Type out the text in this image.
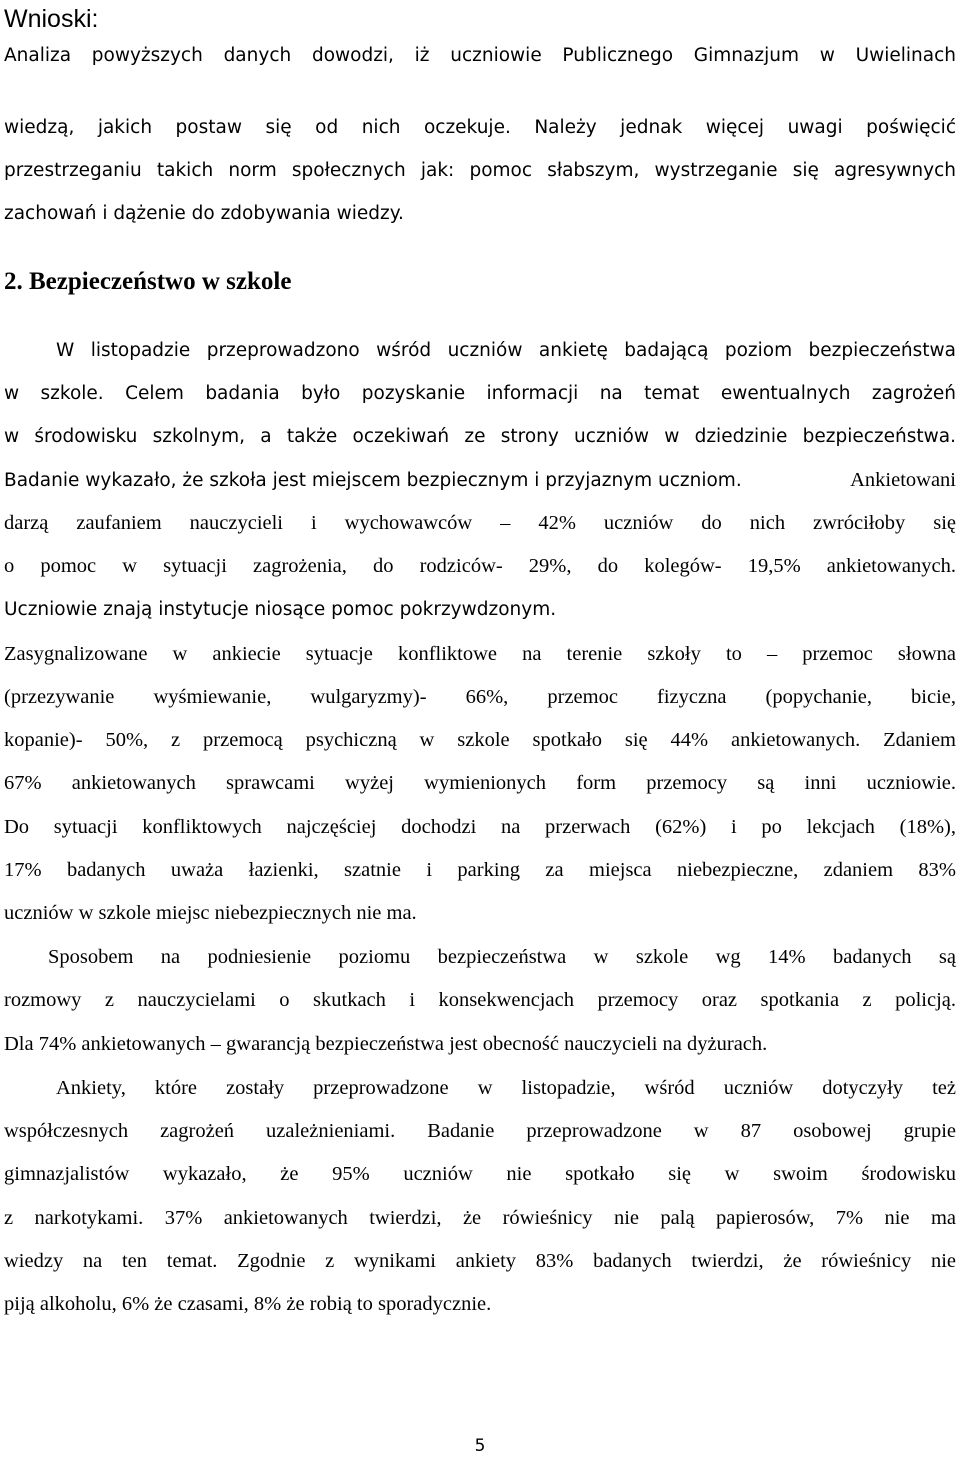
Wnioski:
Analiza powyższych danych dowodzi, iż uczniowie Publicznego Gimnazjum w Uwielinach
wiedzą, jakich postaw się od nich oczekuje. Należy jednak więcej uwagi poświęcić
przestrzeganiu takich norm społecznych jak: pomoc słabszym, wystrzeganie się agresywnych
zachowań i dążenie do zdobywania wiedzy.
2. Bezpieczeństwo w szkole
W listopadzie przeprowadzono wśród uczniów ankietę badającą poziom bezpieczeństwa
w szkole. Celem badania było pozyskanie informacji na temat ewentualnych zagrożeń
w środowisku szkolnym, a także oczekiwań ze strony uczniów w dziedzinie bezpieczeństwa.
Badanie wykazało, że szkoła jest miejscem bezpiecznym i przyjaznym uczniom.	Ankietowani
darzą zaufaniem nauczycieli i wychowawców – 42% uczniów do nich zwróciłoby się
o pomoc w sytuacji zagrożenia, do rodziców- 29%, do kolegów- 19,5% ankietowanych.
Uczniowie znają instytucje niosące pomoc pokrzywdzonym.
Zasygnalizowane w ankiecie sytuacje konfliktowe na terenie szkoły to – przemoc słowna
(przezywanie wyśmiewanie, wulgaryzmy)- 66%, przemoc fizyczna (popychanie, bicie,
kopanie)- 50%, z przemocą psychiczną w szkole spotkało się 44% ankietowanych. Zdaniem
67% ankietowanych sprawcami wyżej wymienionych form przemocy są inni uczniowie.
Do sytuacji konfliktowych najczęściej dochodzi na przerwach (62%) i po lekcjach (18%),
17% badanych uważa łazienki, szatnie i parking za miejsca niebezpieczne, zdaniem 83%
uczniów w szkole miejsc niebezpiecznych nie ma.
Sposobem na podniesienie poziomu bezpieczeństwa w szkole wg 14% badanych są
rozmowy z nauczycielami o skutkach i konsekwencjach przemocy oraz spotkania z policją.
Dla 74% ankietowanych – gwarancją bezpieczeństwa jest obecność nauczycieli na dyżurach.
Ankiety, które zostały przeprowadzone w listopadzie, wśród uczniów dotyczyły też
współczesnych zagrożeń uzależnieniami. Badanie przeprowadzone w 87 osobowej grupie
gimnazjalistów wykazało, że 95% uczniów nie spotkało się w swoim środowisku
z narkotykami. 37% ankietowanych twierdzi, że rówieśnicy nie palą papierosów, 7% nie ma
wiedzy na ten temat. Zgodnie z wynikami ankiety 83% badanych twierdzi, że rówieśnicy nie
piją alkoholu, 6% że czasami, 8% że robią to sporadycznie.
5
